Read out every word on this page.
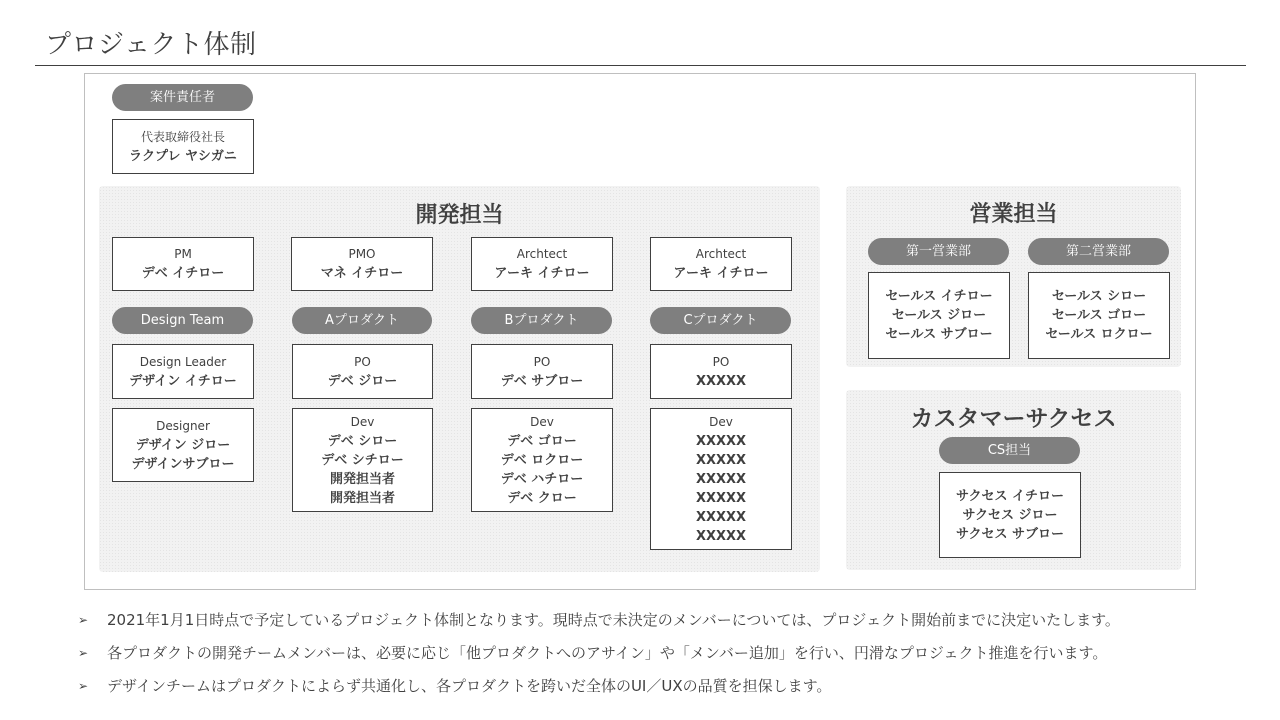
プロジェクト体制
案件責任者
代表取締役社長
ラクプレ ヤシガニ
開発担当
PM
デベ イチロー
PMO
マネ イチロー
Archtect
アーキ イチロー
Archtect
アーキ イチロー
Design Team	Aプロダクト	Bプロダクト	Cプロダクト
Design Leader
デザイン イチロー
Designer
デザイン ジロー
デザインサブロー
PO
デベ ジロー
Dev
デベ シロー
デベ シチロー
開発担当者
開発担当者
PO
デベ サブロー
Dev
デベ ゴロー
デベ ロクロー
デベ ハチロー
デベ クロー
PO
XXXXX
Dev
XXXXX
XXXXX
XXXXX
XXXXX
XXXXX
XXXXX
営業担当
第一営業部	第二営業部
セールス イチロー
セールス ジロー
セールス サブロー
セールス シロー
セールス ゴロー
セールス ロクロー
カスタマーサクセス
CS担当
サクセス イチロー
サクセス ジロー
サクセス サブロー
➢ 2021年1月1日時点で予定しているプロジェクト体制となります。現時点で未決定のメンバーについては、プロジェクト開始前までに決定いたします。
➢ 各プロダクトの開発チームメンバーは、必要に応じ「他プロダクトへのアサイン」や「メンバー追加」を行い、円滑なプロジェクト推進を行います。
➢ デザインチームはプロダクトによらず共通化し、各プロダクトを跨いだ全体のUI／UXの品質を担保します。
